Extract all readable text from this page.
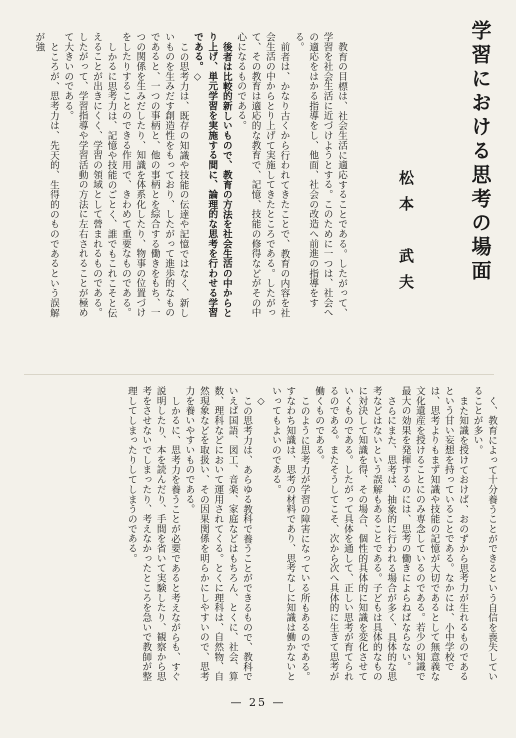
学習における思考の場面
松本　武夫

教育の目標は、社会生活に適応することである。したがって、学習を社会生活に近づけようとする。このために一つは、社会への適応をはかる指導をし、他面、社会の改造へ前進の指導をする。

前者は、かなり古くから行われてきたことで、教育の内容を社会生活の中からとり上げて実施してきたところである。したがって、その教育は適応的な教育で、記憶、技能の修得などがその中心になるものである。

後者は比較的新しいもので、教育の方法を社会生活の中からとり上げ、単元学習を実施する間に、論理的な思考を行わせる学習である。◇

この思考力は、既存の知識や技能の伝達や記憶ではなく、新しいものを生みだす創造性をもっており、したがって進歩的なものであると、一つの事柄と、他の事柄とを綜合する働きをもち、一つの関係を生みだしたり、知識を体系化したり、物事の位置づけをしたりすることのできる作用で、きわめて重要なものである。

しかるに思考力は、記憶や技能のごとく、誰でもこれこそと伝えることが出きにくく、学習の領域として營まれるものである。したがって、学習指導や学習活動の方法に左右されることが極めて大きいのである。

ところが、思考力は、先天的、生得的のものであるという誤解が強

く、教育によって十分養うことができるという自信を喪失していることが多い。

また知識を授けておけば、おのずから思考力が生れるものであるという甘い妄想を持っていることである。なかには、小中学校では、思考よりもまず知識や技能の記憶が大切であるとして無意義な文化遺産を授けることにのみ専念しているのである。若少の知識で最大の効果を発揮するのには、思考の働きによらねばならない。

さらにまた、思考は、抽象的に行われる場合が多く、具体的な思考などはないという誤解もあることである。子どもは具体的なものに対決して知識を得、その場合、個性的具体的に知識を変化させていくものである。したがって具体を通して、正しい思考が育てられるのである。またそうしてこそ、次から次へ具体的に生きて思考が働くものである。

このように思考力が学習の障害になっている所もあるのである。すなわち知識は、思考の材料であり、思考なしに知識は働かないといってもよいのである。

◇

この思考力は、あらゆる教科で養うことができるもので、教科でいえば国語、図工、音楽、家庭などはもちろん、とくに、社会、算数、理科などにおいて運用されてくる。とくに理科は、自然物、自然現象などを取扱い、その因果関係を明らかにしやすいので、思考力を養いやすいものである。

しかるに、思考力を養うことが必要であると考えながらも、すぐ説明したり、本を読んだり、手間を省いて実験したり、観察から思考をさせないでしまったり、考えなかったところを急いで教師が整理してしまったりしてしまうのである。

— 25 —
